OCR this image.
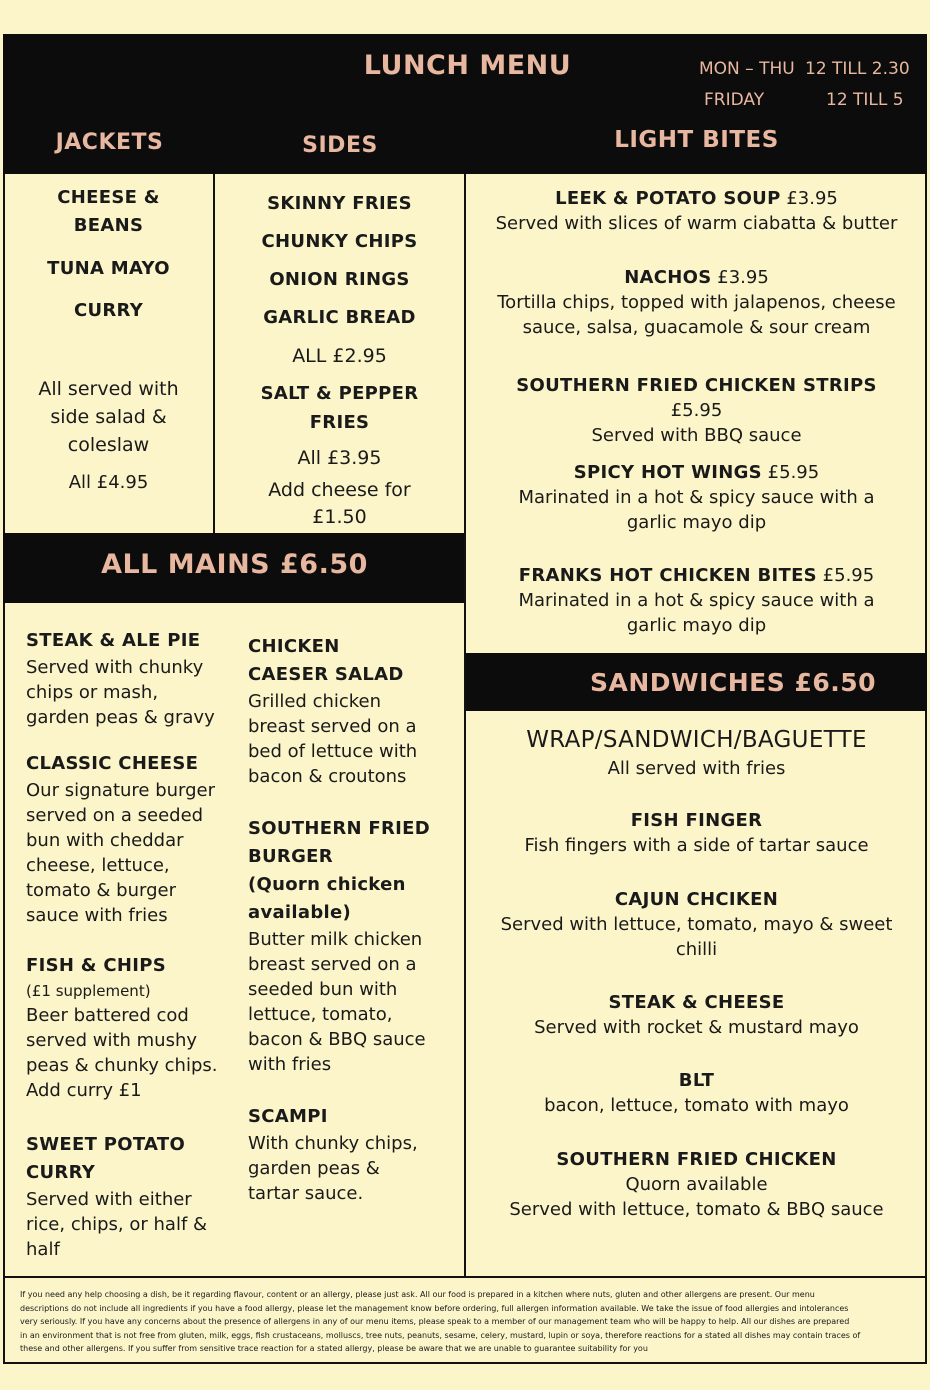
LUNCH MENU	MON – THU 12 TILL 2.30
FRIDAY	12 TILL 5
JACKETS	SIDES	LIGHT BITES
CHEESE &
BEANS
TUNA MAYO
CURRY
All served with
side salad &
coleslaw
All £4.95
SKINNY FRIES
CHUNKY CHIPS
ONION RINGS
GARLIC BREAD
ALL £2.95
SALT & PEPPER
FRIES
All £3.95
Add cheese for
£1.50
LEEK & POTATO SOUP £3.95
Served with slices of warm ciabatta & butter
NACHOS £3.95
Tortilla chips, topped with jalapenos, cheese
sauce, salsa, guacamole & sour cream
SOUTHERN FRIED CHICKEN STRIPS
£5.95
Served with BBQ sauce
SPICY HOT WINGS £5.95
Marinated in a hot & spicy sauce with a
garlic mayo dip
FRANKS HOT CHICKEN BITES £5.95
Marinated in a hot & spicy sauce with a
garlic mayo dip
ALL MAINS £6.50
STEAK & ALE PIE
Served with chunky
chips or mash,
garden peas & gravy
CLASSIC CHEESE
Our signature burger
served on a seeded
bun with cheddar
cheese, lettuce,
tomato & burger
sauce with fries
FISH & CHIPS
(£1 supplement)
Beer battered cod
served with mushy
peas & chunky chips.
Add curry £1
SWEET POTATO
CURRY
Served with either
rice, chips, or half &
half
CHICKEN
CAESER SALAD
Grilled chicken
breast served on a
bed of lettuce with
bacon & croutons
SOUTHERN FRIED
BURGER
(Quorn chicken
available)
Butter milk chicken
breast served on a
seeded bun with
lettuce, tomato,
bacon & BBQ sauce
with fries
SCAMPI
With chunky chips,
garden peas &
tartar sauce.
SANDWICHES £6.50
WRAP/SANDWICH/BAGUETTE
All served with fries
FISH FINGER
Fish fingers with a side of tartar sauce
CAJUN CHCIKEN
Served with lettuce, tomato, mayo & sweet
chilli
STEAK & CHEESE
Served with rocket & mustard mayo
BLT
bacon, lettuce, tomato with mayo
SOUTHERN FRIED CHICKEN
Quorn available
Served with lettuce, tomato & BBQ sauce
If you need any help choosing a dish, be it regarding flavour, content or an allergy, please just ask. All our food is prepared in a kitchen where nuts, gluten and other allergens are present. Our menu
descriptions do not include all ingredients if you have a food allergy, please let the management know before ordering, full allergen information available. We take the issue of food allergies and intolerances
very seriously. If you have any concerns about the presence of allergens in any of our menu items, please speak to a member of our management team who will be happy to help. All our dishes are prepared
in an environment that is not free from gluten, milk, eggs, fish crustaceans, molluscs, tree nuts, peanuts, sesame, celery, mustard, lupin or soya, therefore reactions for a stated all dishes may contain traces of
these and other allergens. If you suffer from sensitive trace reaction for a stated allergy, please be aware that we are unable to guarantee suitability for you
